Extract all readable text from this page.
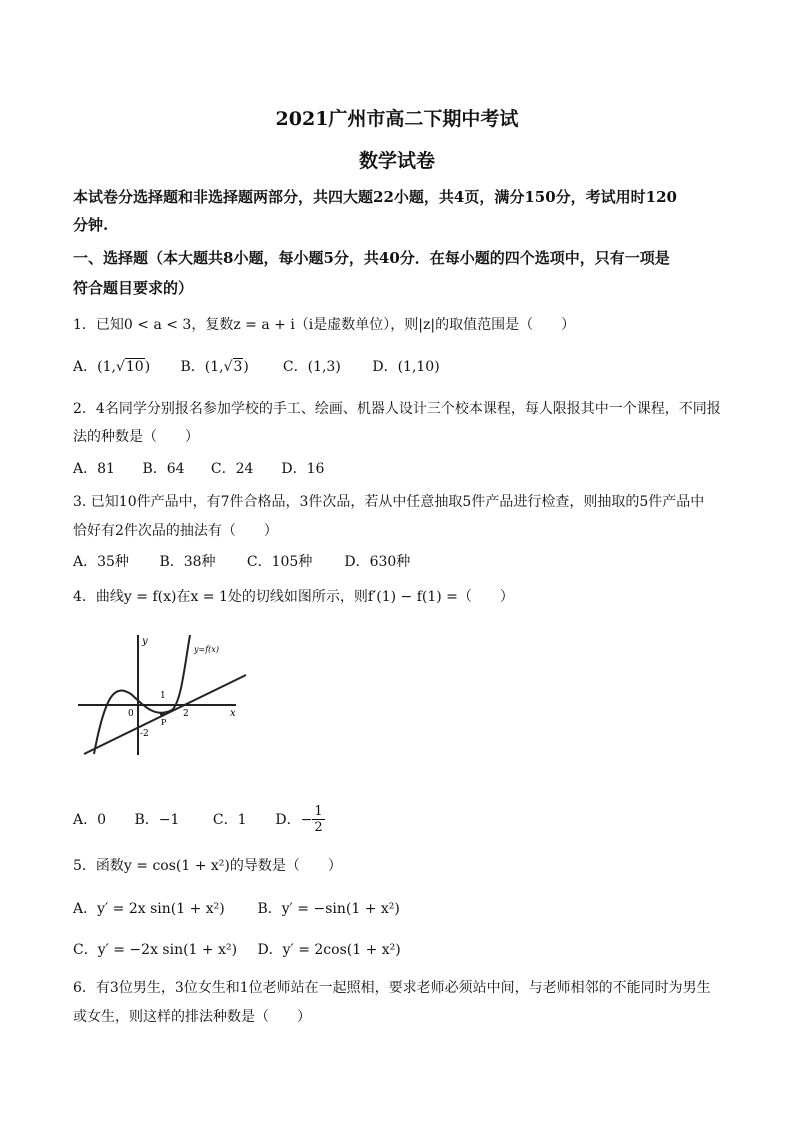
2021广州市高二下期中考试
数学试卷
本试卷分选择题和非选择题两部分，共四大题22小题，共4页，满分150分，考试用时120
分钟.
一、选择题（本大题共8小题，每小题5分，共40分．在每小题的四个选项中，只有一项是
符合题目要求的）
1．已知0 < a < 3，复数z = a + i（i是虚数单位），则|z|的取值范围是（　　）
A．(1,√10) B．(1,√3) C．(1,3) D．(1,10)
2．4名同学分别报名参加学校的手工、绘画、机器人设计三个校本课程，每人限报其中一个课程，不同报
法的种数是（　　）
A．81 B．64 C．24 D．16
3. 已知10件产品中，有7件合格品，3件次品，若从中任意抽取5件产品进行检查，则抽取的5件产品中
恰好有2件次品的抽法有（　　）
A．35种 B．38种 C．105种 D．630种
4．曲线y = f(x)在x = 1处的切线如图所示，则f′(1) − f(1) =（　　）
y
x
y=f(x)
0
1
2
-2
P
A．0 B．−1 C．1 D．− $\frac{1}{2}$
5．函数y = cos(1 + x²)的导数是（　　）
A．y′ = 2x sin(1 + x²) B．y′ = −sin(1 + x²)
C．y′ = −2x sin(1 + x²) D．y′ = 2cos(1 + x²)
6．有3位男生，3位女生和1位老师站在一起照相，要求老师必须站中间，与老师相邻的不能同时为男生
或女生，则这样的排法种数是（　　）
